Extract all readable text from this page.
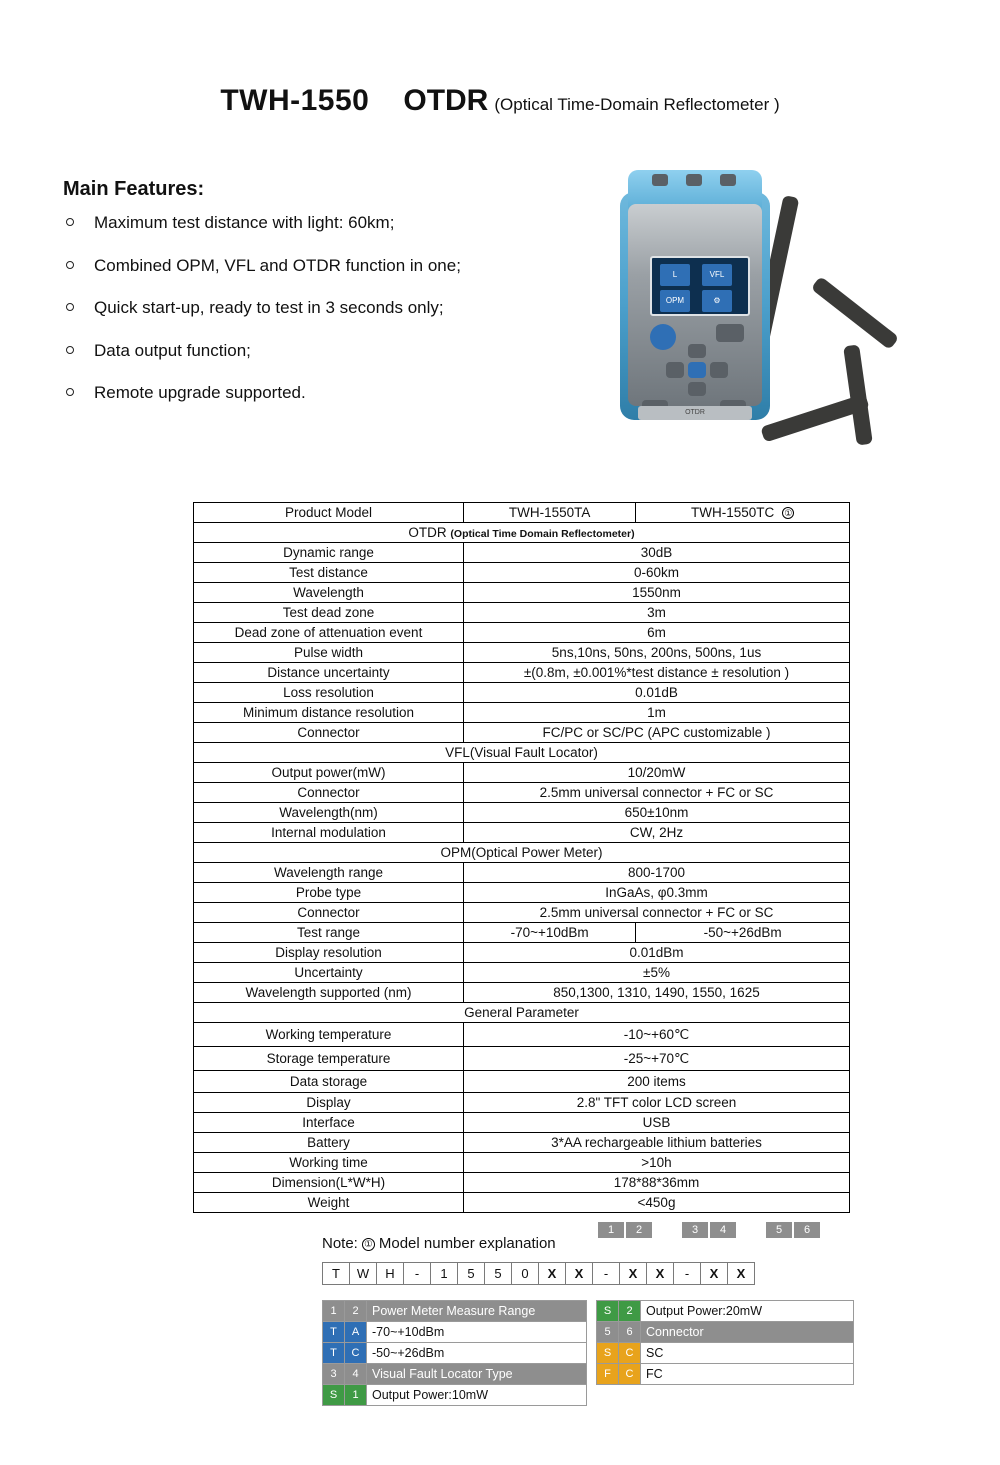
TWH-1550 OTDR (Optical Time-Domain Reflectometer )
Main Features:
Maximum test distance with light: 60km;
Combined OPM, VFL and OTDR function in one;
Quick start-up, ready to test in 3 seconds only;
Data output function;
Remote upgrade supported.
L	VFL
OPM	⚙
OTDR
Product Model	TWH-1550TA	TWH-1550TC ①
OTDR (Optical Time Domain Reflectometer)		
Dynamic range	30dB	
Test distance	0-60km	
Wavelength	1550nm	
Test dead zone	3m	
Dead zone of attenuation event	6m	
Pulse width	5ns,10ns, 50ns, 200ns, 500ns, 1us	
Distance uncertainty	±(0.8m, ±0.001%*test distance ± resolution )	
Loss resolution	0.01dB	
Minimum distance resolution	1m	
Connector	FC/PC or SC/PC (APC customizable )	
VFL(Visual Fault Locator)		
Output power(mW)	10/20mW	
Connector	2.5mm universal connector + FC or SC	
Wavelength(nm)	650±10nm	
Internal modulation	CW, 2Hz	
OPM(Optical Power Meter)		
Wavelength range	800-1700	
Probe type	InGaAs, φ0.3mm	
Connector	2.5mm universal connector + FC or SC	
Test range	-70~+10dBm	-50~+26dBm
Display resolution	0.01dBm	
Uncertainty	±5%	
Wavelength supported (nm)	850,1300, 1310, 1490, 1550, 1625	
General Parameter		
Working temperature	-10~+60℃	
Storage temperature	-25~+70℃	
Data storage	200 items	
Display	2.8" TFT color LCD screen	
Interface	USB	
Battery	3*AA rechargeable lithium batteries	
Working time	>10h	
Dimension(L*W*H)	178*88*36mm	
Weight	<450g	
Note: ① Model number explanation
1	2		3	4		5	6
T	W	H	-	1	5	5	0	X	X	-	X	X	-	X	X
1	2	Power Meter Measure Range
T	A	-70~+10dBm
T	C	-50~+26dBm
3	4	Visual Fault Locator Type
S	1	Output Power:10mW
S	2	Output Power:20mW
5	6	Connector
S	C	SC
F	C	FC
